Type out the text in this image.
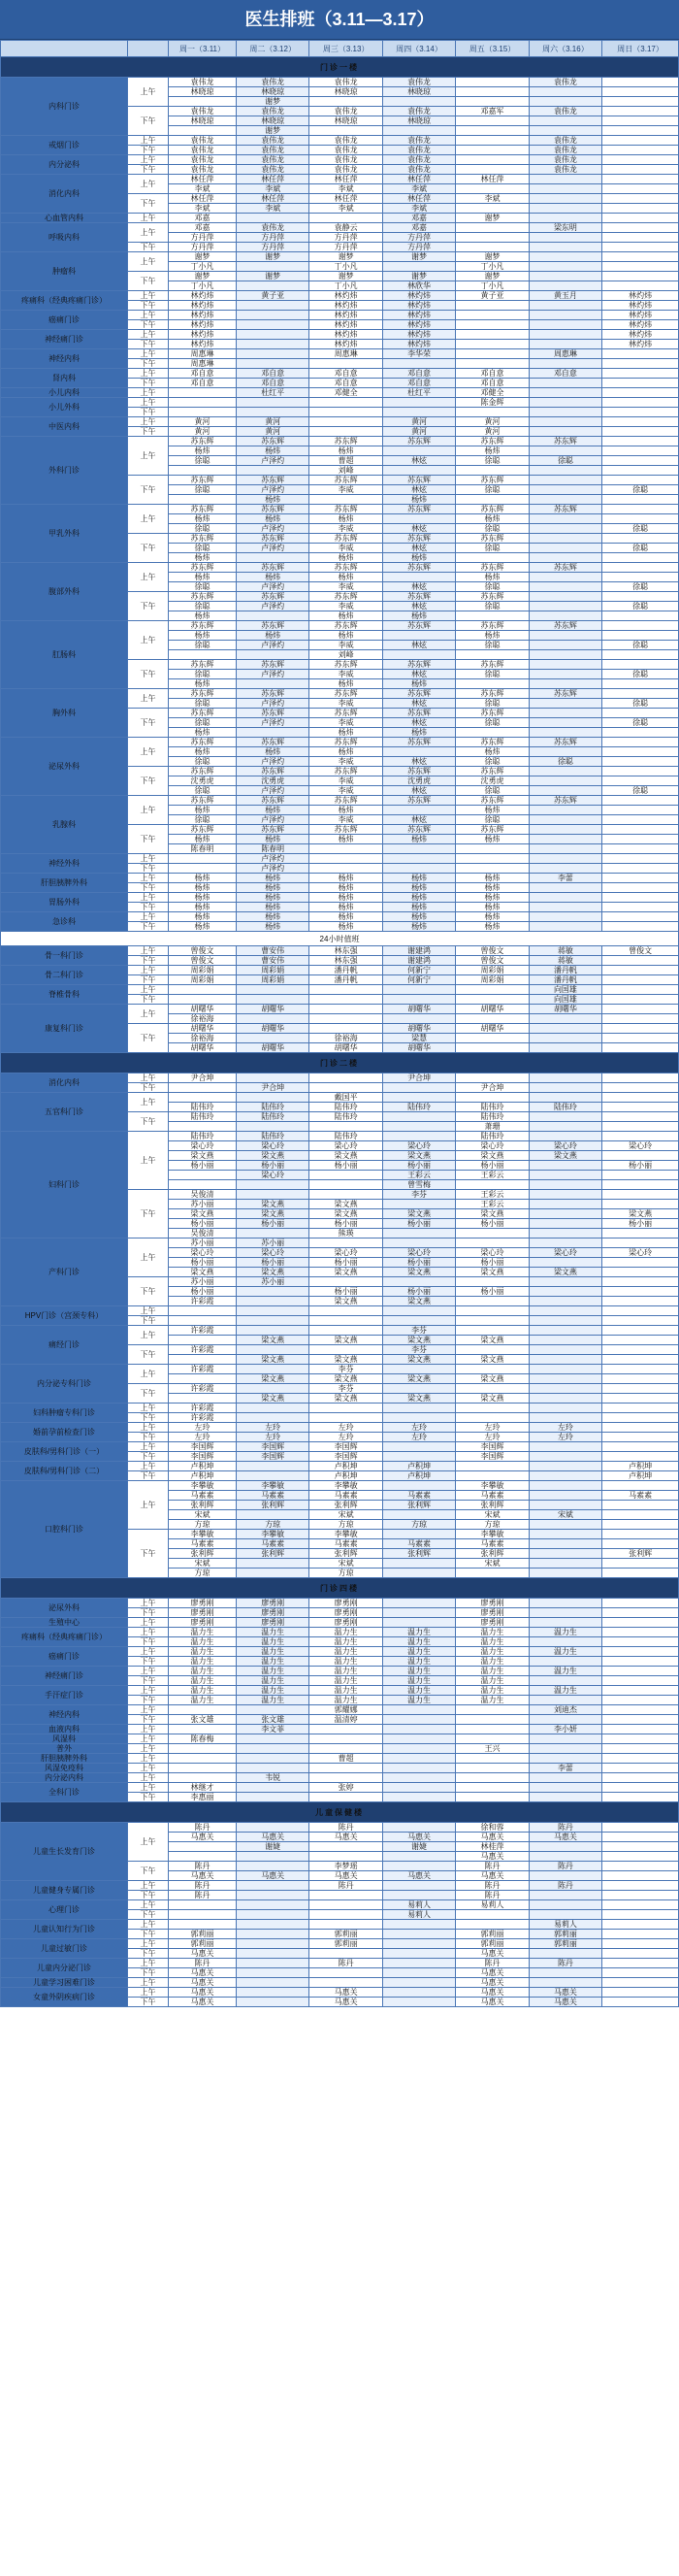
医生排班（3.11—3.17）
		周一（3.11）	周二（3.12）	周三（3.13）	周四（3.14）	周五（3.15）	周六（3.16）	周日（3.17）
门诊一楼								
内科门诊	上午	袁伟龙	袁伟龙	袁伟龙	袁伟龙		袁伟龙	
		林晓琼	林晓琼	林晓琼	林晓琼			
			谢梦					
	下午	袁伟龙	袁伟龙	袁伟龙	袁伟龙	邓嘉军	袁伟龙	
		林晓琼	林晓琼	林晓琼	林晓琼			
			谢梦					
戒烟门诊	上午	袁伟龙	袁伟龙	袁伟龙	袁伟龙		袁伟龙	
	下午	袁伟龙	袁伟龙	袁伟龙	袁伟龙		袁伟龙	
内分泌科	上午	袁伟龙	袁伟龙	袁伟龙	袁伟龙		袁伟龙	
	下午	袁伟龙	袁伟龙	袁伟龙	袁伟龙		袁伟龙	
消化内科	上午	林任萍	林任萍	林任萍	林任萍	林任萍		
		李斌	李斌	李斌	李斌			
	下午	林任萍	林任萍	林任萍	林任萍	李斌		
		李斌	李斌	李斌	李斌			
心血管内科	上午	邓嘉			邓嘉	谢梦		
呼吸内科	上午	邓嘉	袁伟龙	袁静云	邓嘉		梁东明	
		方丹萍	方丹萍	方丹萍	方丹萍			
	下午	方丹萍	方丹萍	方丹萍	方丹萍			
肿瘤科	上午	谢梦	谢梦	谢梦	谢梦	谢梦		
		丁小凡		丁小凡		丁小凡		
	下午	谢梦	谢梦	谢梦	谢梦	谢梦		
		丁小凡		丁小凡	林欣华	丁小凡		
疼痛科（经典疼痛门诊）	上午	林灼炜	黄子亚	林灼炜	林灼炜	黄子亚	黄玉月	林灼炜
	下午	林灼炜		林灼炜	林灼炜			林灼炜
癌痛门诊	上午	林灼炜		林灼炜	林灼炜			林灼炜
	下午	林灼炜		林灼炜	林灼炜			林灼炜
神经痛门诊	上午	林灼炜		林灼炜	林灼炜			林灼炜
	下午	林灼炜		林灼炜	林灼炜			林灼炜
神经内科	上午	周惠琳		周惠琳	李华荣		周惠琳	
	下午	周惠琳						
肾内科	上午	邓自意	邓自意	邓自意	邓自意	邓自意	邓自意	
	下午	邓自意	邓自意	邓自意	邓自意	邓自意		
小儿内科	上午		杜红平	邓健全	杜红平	邓健全		
小儿外科	上午					陈金辉		
	下午							
中医内科	上午	黄河	黄河		黄河	黄河		
	下午	黄河	黄河		黄河	黄河		
外科门诊	上午	苏东辉	苏东辉	苏东辉	苏东辉	苏东辉	苏东辉	
		杨炜	杨炜	杨炜		杨炜		
		徐聪	卢泽灼	曹超	林炫	徐聪	徐聪	
				刘峰				
	下午	苏东辉	苏东辉	苏东辉	苏东辉	苏东辉		
		徐聪	卢泽灼	李威	林炫	徐聪		徐聪
			杨炜		杨炜			
甲乳外科	上午	苏东辉	苏东辉	苏东辉	苏东辉	苏东辉	苏东辉	
		杨炜	杨炜	杨炜		杨炜		
		徐聪	卢泽灼	李威	林炫	徐聪		徐聪
	下午	苏东辉	苏东辉	苏东辉	苏东辉	苏东辉		
		徐聪	卢泽灼	李威	林炫	徐聪		徐聪
		杨炜		杨炜	杨炜			
腹部外科	上午	苏东辉	苏东辉	苏东辉	苏东辉	苏东辉	苏东辉	
		杨炜	杨炜	杨炜		杨炜		
		徐聪	卢泽灼	李威	林炫	徐聪		徐聪
	下午	苏东辉	苏东辉	苏东辉	苏东辉	苏东辉		
		徐聪	卢泽灼	李威	林炫	徐聪		徐聪
		杨炜		杨炜	杨炜			
肛肠科	上午	苏东辉	苏东辉	苏东辉	苏东辉	苏东辉	苏东辉	
		杨炜	杨炜	杨炜		杨炜		
		徐聪	卢泽灼	李威	林炫	徐聪		徐聪
				刘峰				
	下午	苏东辉	苏东辉	苏东辉	苏东辉	苏东辉		
		徐聪	卢泽灼	李威	林炫	徐聪		徐聪
		杨炜		杨炜	杨炜			
胸外科	上午	苏东辉	苏东辉	苏东辉	苏东辉	苏东辉	苏东辉	
		徐聪	卢泽灼	李威	林炫	徐聪		徐聪
	下午	苏东辉	苏东辉	苏东辉	苏东辉	苏东辉		
		徐聪	卢泽灼	李威	林炫	徐聪		徐聪
		杨炜		杨炜	杨炜			
泌尿外科	上午	苏东辉	苏东辉	苏东辉	苏东辉	苏东辉	苏东辉	
		杨炜	杨炜	杨炜		杨炜		
		徐聪	卢泽灼	李威	林炫	徐聪	徐聪	
	下午	苏东辉	苏东辉	苏东辉	苏东辉	苏东辉		
		沈勇虎	沈勇虎	李威	沈勇虎	沈勇虎		
		徐聪	卢泽灼	李威	林炫	徐聪		徐聪
乳腺科	上午	苏东辉	苏东辉	苏东辉	苏东辉	苏东辉	苏东辉	
		杨炜	杨炜	杨炜		杨炜		
		徐聪	卢泽灼	李威	林炫	徐聪		
	下午	苏东辉	苏东辉	苏东辉	苏东辉	苏东辉		
		杨炜	杨炜	杨炜	杨炜	杨炜		
		陈春明	陈春明					
神经外科	上午		卢泽灼					
	下午		卢泽灼					
肝胆胰脾外科	上午	杨炜	杨炜	杨炜	杨炜	杨炜	李蕾	
	下午	杨炜	杨炜	杨炜	杨炜	杨炜		
胃肠外科	上午	杨炜	杨炜	杨炜	杨炜	杨炜		
	下午	杨炜	杨炜	杨炜	杨炜	杨炜		
急诊科	上午	杨炜	杨炜	杨炜	杨炜	杨炜		
	下午	杨炜	杨炜	杨炜	杨炜	杨炜		
24小时值班								
骨一科门诊	上午	曾俊文	曹安伟	林东强	谢建鸿	曾俊文	蒋敏	曾俊文
	下午	曾俊文	曹安伟	林东强	谢建鸿	曾俊文	蒋敏	
骨二科门诊	上午	周彩娟	周彩娟	潘丹帆	何新宁	周彩娟	潘丹帆	
	下午	周彩娟	周彩娟	潘丹帆	何新宁	周彩娟	潘丹帆	
脊椎骨科	上午						向国雄	
	下午						向国雄	
康复科门诊	上午	胡曙华	胡曙华		胡曙华	胡曙华	胡曙华	
		徐裕海						
	下午	胡曙华	胡曙华		胡曙华	胡曙华		
		徐裕海		徐裕海	梁慧			
		胡曙华	胡曙华	胡曙华	胡曙华			
门诊二楼								
消化内科	上午	尹合坤			尹合坤			
	下午		尹合坤			尹合坤		
五官科门诊	上午			戴国平				
		陆伟玲	陆伟玲	陆伟玲	陆伟玲	陆伟玲	陆伟玲	
	下午	陆伟玲	陆伟玲	陆伟玲		陆伟玲		
						萧珊		
妇科门诊	上午	陆伟玲	陆伟玲	陆伟玲		陆伟玲		
		梁心玲	梁心玲	梁心玲	梁心玲	梁心玲	梁心玲	梁心玲
		梁文燕	梁文燕	梁文燕	梁文燕	梁文燕	梁文燕	
		杨小丽	杨小丽	杨小丽	杨小丽	杨小丽		杨小丽
			梁心玲		王彩云	王彩云		
					曾雪梅			
	下午	吴俊清			李芬	王彩云		
		苏小丽	梁文燕	梁文燕		王彩云		
		梁文燕	梁文燕	梁文燕	梁文燕	梁文燕		梁文燕
		杨小丽	杨小丽	杨小丽	杨小丽	杨小丽		杨小丽
		吴俊清		熊瑛				
产科门诊	上午	苏小丽	苏小丽					
		梁心玲	梁心玲	梁心玲	梁心玲	梁心玲	梁心玲	梁心玲
		杨小丽	杨小丽	杨小丽	杨小丽	杨小丽		
		梁文燕	梁文燕	梁文燕	梁文燕	梁文燕	梁文燕	
	下午	苏小丽	苏小丽					
		杨小丽		杨小丽	杨小丽	杨小丽		
		许彩霞		梁文燕	梁文燕			
HPV门诊（宫颈专科）	上午							
	下午							
痛经门诊	上午	许彩霞			李芬			
			梁文燕	梁文燕	梁文燕	梁文燕		
	下午	许彩霞			李芬			
			梁文燕	梁文燕	梁文燕	梁文燕		
内分泌专科门诊	上午	许彩霞		李芬				
			梁文燕	梁文燕	梁文燕	梁文燕		
	下午	许彩霞		李芬				
			梁文燕	梁文燕	梁文燕	梁文燕		
妇科肿瘤专科门诊	上午	许彩霞						
	下午	许彩霞						
婚前孕前检查门诊	上午	左玲	左玲	左玲	左玲	左玲	左玲	
	下午	左玲	左玲	左玲	左玲	左玲	左玲	
皮肤科/男科门诊（一）	上午	李国辉	李国辉	李国辉		李国辉		
	下午	李国辉	李国辉	李国辉		李国辉		
皮肤科/男科门诊（二）	上午	卢积坤		卢积坤	卢积坤			卢积坤
	下午	卢积坤		卢积坤	卢积坤			卢积坤
口腔科门诊	上午	李攀敏	李攀敏	李攀敏		李攀敏		
		马素素	马素素	马素素	马素素	马素素		马素素
		张利辉	张利辉	张利辉	张利辉	张利辉		
		宋斌		宋斌		宋斌	宋斌	
		方琼	方琼	方琼	方琼	方琼		
	下午	李攀敏	李攀敏	李攀敏		李攀敏		
		马素素	马素素	马素素	马素素	马素素		
		张利辉	张利辉	张利辉	张利辉	张利辉		张利辉
		宋斌		宋斌		宋斌		
		方琼		方琼				
门诊四楼								
泌尿外科	上午	廖勇刚	廖勇刚	廖勇刚		廖勇刚		
	下午	廖勇刚	廖勇刚	廖勇刚		廖勇刚		
生殖中心	上午	廖勇刚	廖勇刚	廖勇刚		廖勇刚		
疼痛科（经典疼痛门诊）	上午	温力生	温力生	温力生	温力生	温力生	温力生	
	下午	温力生	温力生	温力生	温力生	温力生		
癌痛门诊	上午	温力生	温力生	温力生	温力生	温力生	温力生	
	下午	温力生	温力生	温力生	温力生	温力生		
神经痛门诊	上午	温力生	温力生	温力生	温力生	温力生	温力生	
	下午	温力生	温力生	温力生	温力生	温力生		
手汗症门诊	上午	温力生	温力生	温力生	温力生	温力生	温力生	
	下午	温力生	温力生	温力生	温力生	温力生		
神经内科	上午			郭耀娜			刘迪杰	
	下午	张文雄	张文雄	温清婷				
血液内科	上午		李文菲				李小妍	
风湿科	上午	陈春梅						
普外	上午					王兴		
肝胆胰脾外科	上午			曹超				
风湿免疫科	上午						李蕾	
内分泌内科	上午		韦锐					
全科门诊	上午	林继才		张婷				
	下午	李惠丽						
儿童保健楼								
儿童生长发育门诊	上午	陈丹		陈丹		徐和蓉	陈丹	
		马惠关	马惠关	马惠关	马惠关	马惠关	马惠关	
			谢婕		谢婕	林桂萍		
						马惠关		
	下午	陈丹		李梦瑶		陈丹	陈丹	
		马惠关	马惠关	马惠关	马惠关	马惠关		
儿童健身专属门诊	上午	陈丹		陈丹		陈丹	陈丹	
	下午	陈丹				陈丹		
心理门诊	上午				易莉人	易莉人		
	下午				易莉人			
儿童认知行为门诊	上午						易莉人	
	下午	郭莉丽		郭莉丽		郭莉丽	郭莉丽	
儿童过敏门诊	上午	郭莉丽		郭莉丽		郭莉丽	郭莉丽	
	下午	马惠关				马惠关		
儿童内分泌门诊	上午	陈丹		陈丹		陈丹	陈丹	
	下午	马惠关				马惠关		
儿童学习困难门诊	上午	马惠关				马惠关		
女童外阴疾病门诊	上午	马惠关		马惠关		马惠关	马惠关	
	下午	马惠关		马惠关		马惠关	马惠关	
